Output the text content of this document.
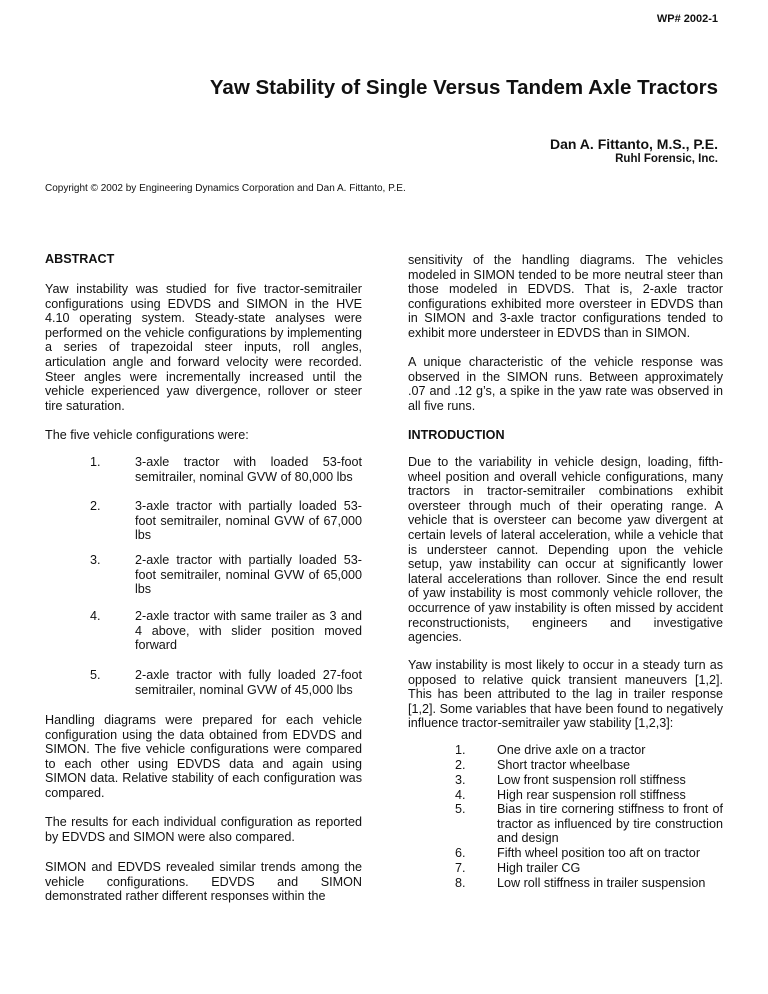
WP# 2002-1
Yaw Stability of Single Versus Tandem Axle Tractors
Dan A. Fittanto, M.S., P.E.
Ruhl Forensic, Inc.
Copyright © 2002 by Engineering Dynamics Corporation and Dan A. Fittanto, P.E.
ABSTRACT

Yaw instability was studied for five tractor-semitrailer configurations using EDVDS and SIMON in the HVE 4.10 operating system. Steady-state analyses were performed on the vehicle configurations by implementing a series of trapezoidal steer inputs, roll angles, articulation angle and forward velocity were recorded. Steer angles were incrementally increased until the vehicle experienced yaw divergence, rollover or steer tire saturation.

The five vehicle configurations were:

1.	3-axle tractor with loaded 53-foot semitrailer, nominal GVW of 80,000 lbs
2.	3-axle tractor with partially loaded 53-foot semitrailer, nominal GVW of 67,000 lbs
3.	2-axle tractor with partially loaded 53-foot semitrailer, nominal GVW of 65,000 lbs
4.	2-axle tractor with same trailer as 3 and 4 above, with slider position moved forward
5.	2-axle tractor with fully loaded 27-foot semitrailer, nominal GVW of 45,000 lbs

Handling diagrams were prepared for each vehicle configuration using the data obtained from EDVDS and SIMON. The five vehicle configurations were compared to each other using EDVDS data and again using SIMON data. Relative stability of each configuration was compared.

The results for each individual configuration as reported by EDVDS and SIMON were also compared.

SIMON and EDVDS revealed similar trends among the vehicle configurations. EDVDS and SIMON demonstrated rather different responses within the

sensitivity of the handling diagrams. The vehicles modeled in SIMON tended to be more neutral steer than those modeled in EDVDS. That is, 2-axle tractor configurations exhibited more oversteer in EDVDS than in SIMON and 3-axle tractor configurations tended to exhibit more understeer in EDVDS than in SIMON.

A unique characteristic of the vehicle response was observed in the SIMON runs. Between approximately .07 and .12 g’s, a spike in the yaw rate was observed in all five runs.

INTRODUCTION

Due to the variability in vehicle design, loading, fifth-wheel position and overall vehicle configurations, many tractors in tractor-semitrailer combinations exhibit oversteer through much of their operating range. A vehicle that is oversteer can become yaw divergent at certain levels of lateral acceleration, while a vehicle that is understeer cannot. Depending upon the vehicle setup, yaw instability can occur at significantly lower lateral accelerations than rollover. Since the end result of yaw instability is most commonly vehicle rollover, the occurrence of yaw instability is often missed by accident reconstructionists, engineers and investigative agencies.

Yaw instability is most likely to occur in a steady turn as opposed to relative quick transient maneuvers [1,2]. This has been attributed to the lag in trailer response [1,2]. Some variables that have been found to negatively influence tractor-semitrailer yaw stability [1,2,3]:

1. One drive axle on a tractor
2. Short tractor wheelbase
3. Low front suspension roll stiffness
4. High rear suspension roll stiffness
5. Bias in tire cornering stiffness to front of tractor as influenced by tire construction and design
6. Fifth wheel position too aft on tractor
7. High trailer CG
8. Low roll stiffness in trailer suspension
